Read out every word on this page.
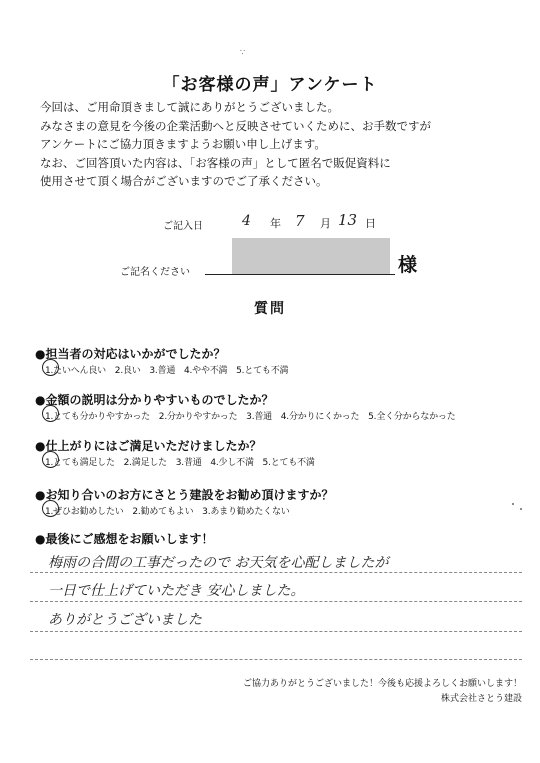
∵
「お客様の声」アンケート
今回は、ご用命頂きまして誠にありがとうございました。
みなさまの意見を今後の企業活動へと反映させていくために、お手数ですが
アンケートにご協力頂きますようお願い申し上げます。
なお、ご回答頂いた内容は、「お客様の声」として匿名で販促資料に
使用させて頂く場合がございますのでご了承ください。
ご記入日	4 年 7 月 13 日
ご記名ください	様
質問
●担当者の対応はいかがでしたか？
1.たいへん良い　2.良い　3.普通　4.やや不満　5.とても不満
●金額の説明は分かりやすいものでしたか？
1.とても分かりやすかった　2.分かりやすかった　3.普通　4.分かりにくかった　5.全く分からなかった
●仕上がりにはご満足いただけましたか？
1.とても満足した　2.満足した　3.普通　4.少し不満　5.とても不満
●お知り合いのお方にさとう建設をお勧め頂けますか？
1.ぜひお勧めしたい　2.勧めてもよい　3.あまり勧めたくない
●最後にご感想をお願いします！
梅雨の合間の工事だったので お天気を心配しましたが
一日で仕上げていただき 安心しました。
ありがとうございました
ご協力ありがとうございました！今後も応援よろしくお願いします！
株式会社さとう建設
